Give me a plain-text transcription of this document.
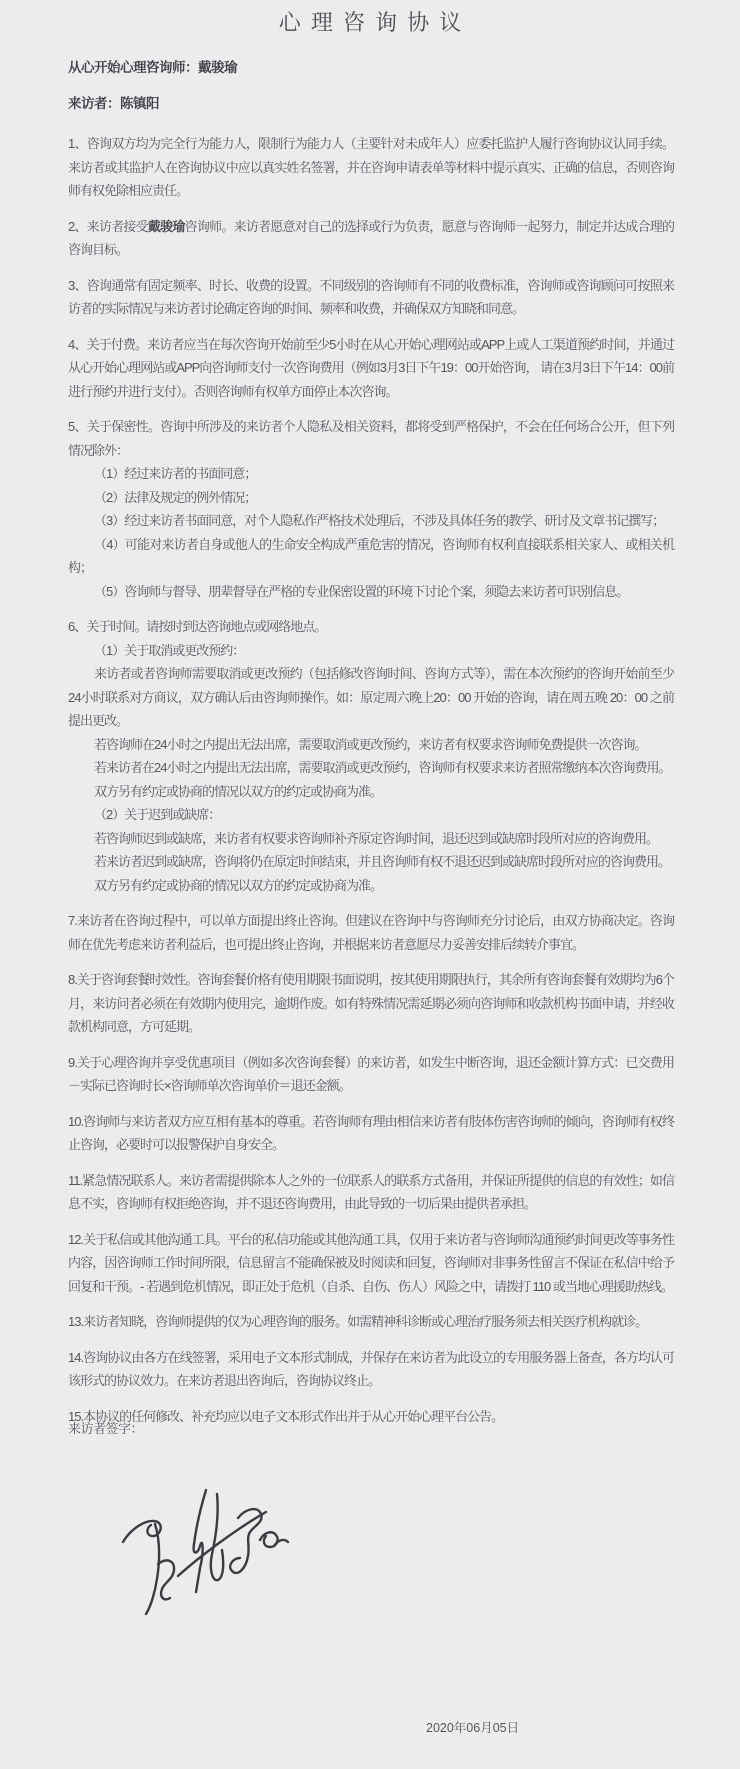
心 理 咨 询 协 议
从心开始心理咨询师：戴骏瑜
来访者：陈镇阳

1、咨询双方均为完全行为能力人，限制行为能力人（主要针对未成年人）应委托监护人履行咨询协议认同手续。来访者或其监护人在咨询协议中应以真实姓名签署，并在咨询申请表单等材料中提示真实、正确的信息，否则咨询师有权免除相应责任。

2、来访者接受戴骏瑜咨询师。来访者愿意对自己的选择或行为负责，愿意与咨询师一起努力，制定并达成合理的咨询目标。

3、咨询通常有固定频率、时长、收费的设置。不同级别的咨询师有不同的收费标准，咨询师或咨询顾问可按照来访者的实际情况与来访者讨论确定咨询的时间、频率和收费，并确保双方知晓和同意。

4、关于付费。来访者应当在每次咨询开始前至少5小时在从心开始心理网站或APP上或人工渠道预约时间，并通过从心开始心理网站或APP向咨询师支付一次咨询费用（例如3月3日下午19：00开始咨询， 请在3月3日下午14：00前进行预约并进行支付）。否则咨询师有权单方面停止本次咨询。

5、关于保密性。咨询中所涉及的来访者个人隐私及相关资料，都将受到严格保护，不会在任何场合公开，但下列情况除外：

（1）经过来访者的书面同意；

（2）法律及规定的例外情况；

（3）经过来访者书面同意，对个人隐私作严格技术处理后，不涉及具体任务的教学、研讨及文章书记撰写；

（4）可能对来访者自身或他人的生命安全构成严重危害的情况，咨询师有权利直接联系相关家人、或相关机构；

（5）咨询师与督导、朋辈督导在严格的专业保密设置的环境下讨论个案，须隐去来访者可识别信息。

6、关于时间。请按时到达咨询地点或网络地点。

（1）关于取消或更改预约：

来访者或者咨询师需要取消或更改预约（包括修改咨询时间、咨询方式等），需在本次预约的咨询开始前至少24小时联系对方商议，双方确认后由咨询师操作。如：原定周六晚上20：00 开始的咨询，请在周五晚 20：00 之前提出更改。

若咨询师在24小时之内提出无法出席，需要取消或更改预约，来访者有权要求咨询师免费提供一次咨询。

若来访者在24小时之内提出无法出席，需要取消或更改预约，咨询师有权要求来访者照常缴纳本次咨询费用。

双方另有约定或协商的情况以双方的约定或协商为准。

（2）关于迟到或缺席：

若咨询师迟到或缺席，来访者有权要求咨询师补齐原定咨询时间，退还迟到或缺席时段所对应的咨询费用。

若来访者迟到或缺席，咨询将仍在原定时间结束，并且咨询师有权不退还迟到或缺席时段所对应的咨询费用。

双方另有约定或协商的情况以双方的约定或协商为准。

7.来访者在咨询过程中，可以单方面提出终止咨询。但建议在咨询中与咨询师充分讨论后，由双方协商决定。咨询师在优先考虑来访者利益后，也可提出终止咨询，并根据来访者意愿尽力妥善安排后续转介事宜。

8.关于咨询套餐时效性。咨询套餐价格有使用期限书面说明，按其使用期限执行，其余所有咨询套餐有效期均为6个月，来访问者必须在有效期内使用完，逾期作废。如有特殊情况需延期必须向咨询师和收款机构书面申请，并经收款机构同意，方可延期。

9.关于心理咨询并享受优惠项目（例如多次咨询套餐）的来访者，如发生中断咨询，退还金额计算方式：已交费用－实际已咨询时长×咨询师单次咨询单价＝退还金额。

10.咨询师与来访者双方应互相有基本的尊重。若咨询师有理由相信来访者有肢体伤害咨询师的倾向，咨询师有权终止咨询，必要时可以报警保护自身安全。

11.紧急情况联系人。来访者需提供除本人之外的一位联系人的联系方式备用，并保证所提供的信息的有效性；如信息不实，咨询师有权拒绝咨询，并不退还咨询费用，由此导致的一切后果由提供者承担。

12.关于私信或其他沟通工具。平台的私信功能或其他沟通工具，仅用于来访者与咨询师沟通预约时间更改等事务性内容，因咨询师工作时间所限，信息留言不能确保被及时阅读和回复，咨询师对非事务性留言不保证在私信中给予回复和干预。- 若遇到危机情况，即正处于危机（自杀、自伤、伤人）风险之中，请拨打 110 或当地心理援助热线。

13.来访者知晓，咨询师提供的仅为心理咨询的服务。如需精神科诊断或心理治疗服务须去相关医疗机构就诊。

14.咨询协议由各方在线签署，采用电子文本形式制成，并保存在来访者为此设立的专用服务器上备查，各方均认可该形式的协议效力。在来访者退出咨询后，咨询协议终止。

15.本协议的任何修改、补充均应以电子文本形式作出并于从心开始心理平台公告。

来访者签字：
2020年06月05日
